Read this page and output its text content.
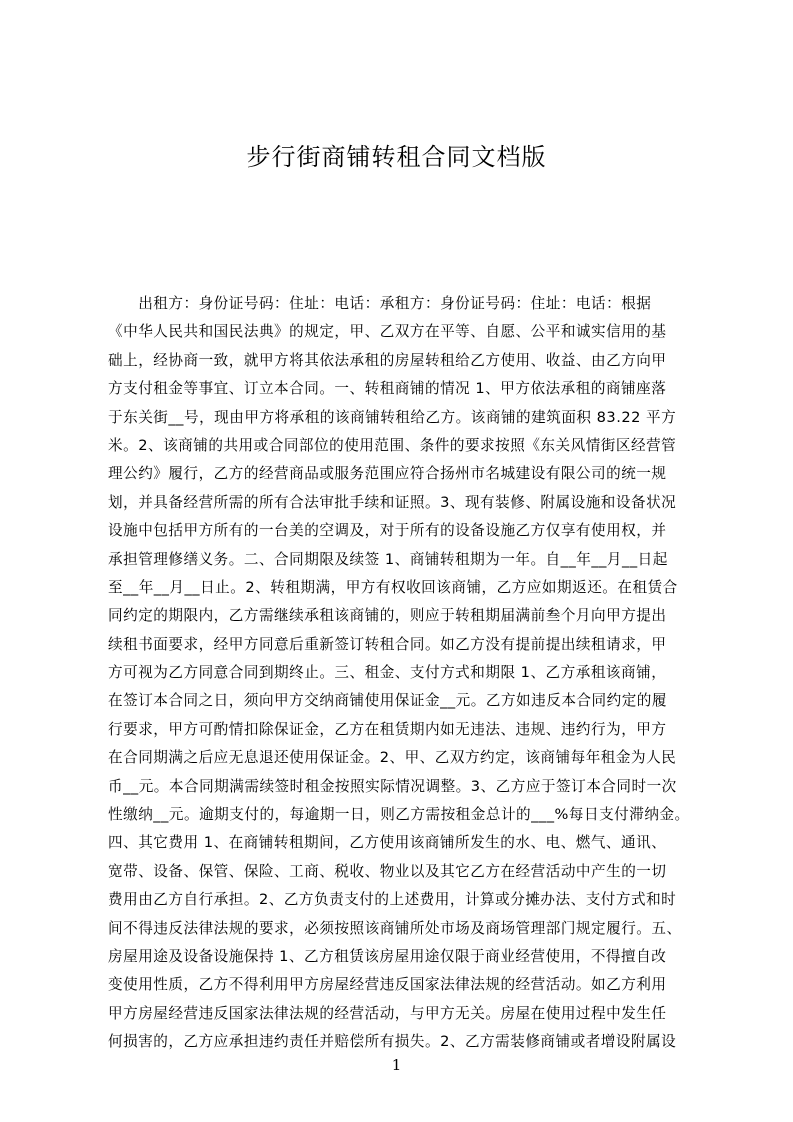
步行街商铺转租合同文档版
　　出租方：身份证号码：住址：电话：承租方：身份证号码：住址：电话：根据
《中华人民共和国民法典》的规定，甲、乙双方在平等、自愿、公平和诚实信用的基
础上，经协商一致，就甲方将其依法承租的房屋转租给乙方使用、收益、由乙方向甲
方支付租金等事宜、订立本合同。一、转租商铺的情况 1、甲方依法承租的商铺座落
于东关街__号，现由甲方将承租的该商铺转租给乙方。该商铺的建筑面积 83.22 平方
米。2、该商铺的共用或合同部位的使用范围、条件的要求按照《东关风情街区经营管
理公约》履行，乙方的经营商品或服务范围应符合扬州市名城建设有限公司的统一规
划，并具备经营所需的所有合法审批手续和证照。3、现有装修、附属设施和设备状况
设施中包括甲方所有的一台美的空调及，对于所有的设备设施乙方仅享有使用权，并
承担管理修缮义务。二、合同期限及续签 1、商铺转租期为一年。自__年__月__日起
至__年__月__日止。2、转租期满，甲方有权收回该商铺，乙方应如期返还。在租赁合
同约定的期限内，乙方需继续承租该商铺的，则应于转租期届满前叁个月向甲方提出
续租书面要求，经甲方同意后重新签订转租合同。如乙方没有提前提出续租请求，甲
方可视为乙方同意合同到期终止。三、租金、支付方式和期限 1、乙方承租该商铺，
在签订本合同之日，须向甲方交纳商铺使用保证金__元。乙方如违反本合同约定的履
行要求，甲方可酌情扣除保证金，乙方在租赁期内如无违法、违规、违约行为，甲方
在合同期满之后应无息退还使用保证金。2、甲、乙双方约定，该商铺每年租金为人民
币__元。本合同期满需续签时租金按照实际情况调整。3、乙方应于签订本合同时一次
性缴纳__元。逾期支付的，每逾期一日，则乙方需按租金总计的___%每日支付滞纳金。
四、其它费用 1、在商铺转租期间，乙方使用该商铺所发生的水、电、燃气、通讯、
宽带、设备、保管、保险、工商、税收、物业以及其它乙方在经营活动中产生的一切
费用由乙方自行承担。2、乙方负责支付的上述费用，计算或分摊办法、支付方式和时
间不得违反法律法规的要求，必须按照该商铺所处市场及商场管理部门规定履行。五、
房屋用途及设备设施保持 1、乙方租赁该房屋用途仅限于商业经营使用，不得擅自改
变使用性质，乙方不得利用甲方房屋经营违反国家法律法规的经营活动。如乙方利用
甲方房屋经营违反国家法律法规的经营活动，与甲方无关。房屋在使用过程中发生任
何损害的，乙方应承担违约责任并赔偿所有损失。2、乙方需装修商铺或者增设附属设
1
